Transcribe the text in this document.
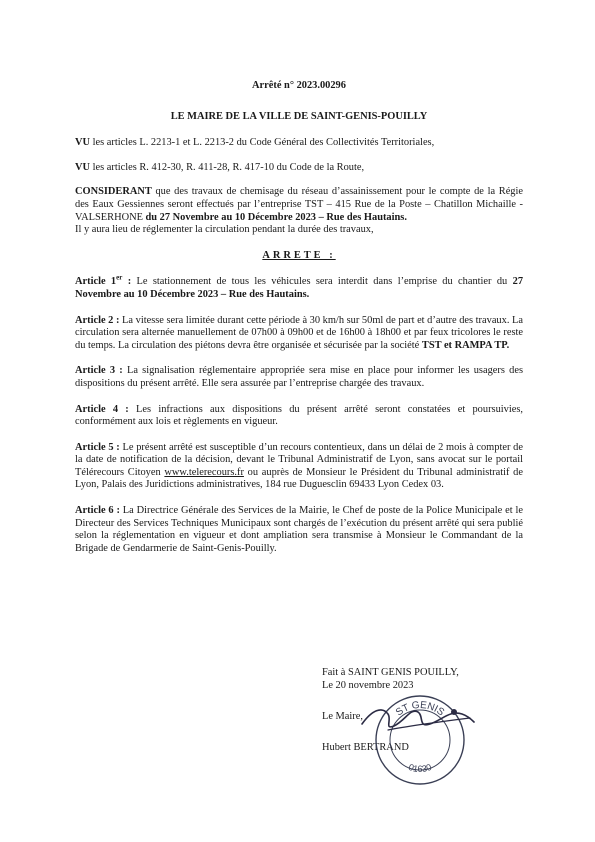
Arrêté n° 2023.00296
LE MAIRE DE LA VILLE DE SAINT-GENIS-POUILLY

VU les articles L. 2213-1 et L. 2213-2 du Code Général des Collectivités Territoriales,

VU les articles R. 412-30, R. 411-28, R. 417-10 du Code de la Route,

CONSIDERANT que des travaux de chemisage du réseau d’assainissement pour le compte de la Régie des Eaux Gessiennes seront effectués par l’entreprise TST – 415 Rue de la Poste – Chatillon Michaille - VALSERHONE du 27 Novembre au 10 Décembre 2023 – Rue des Hautains.

Il y aura lieu de réglementer la circulation pendant la durée des travaux,

ARRETE :

Article 1er : Le stationnement de tous les véhicules sera interdit dans l’emprise du chantier du 27 Novembre au 10 Décembre 2023 – Rue des Hautains.

Article 2 : La vitesse sera limitée durant cette période à 30 km/h sur 50ml de part et d’autre des travaux. La circulation sera alternée manuellement de 07h00 à 09h00 et de 16h00 à 18h00 et par feux tricolores le reste du temps. La circulation des piétons devra être organisée et sécurisée par la société TST et RAMPA TP.

Article 3 : La signalisation réglementaire appropriée sera mise en place pour informer les usagers des dispositions du présent arrêté. Elle sera assurée par l’entreprise chargée des travaux.

Article 4 : Les infractions aux dispositions du présent arrêté seront constatées et poursuivies, conformément aux lois et règlements en vigueur.

Article 5 : Le présent arrêté est susceptible d’un recours contentieux, dans un délai de 2 mois à compter de la date de notification de la décision, devant le Tribunal Administratif de Lyon, sans avocat sur le portail Télérecours Citoyen www.telerecours.fr ou auprès de Monsieur le Président du Tribunal administratif de Lyon, Palais des Juridictions administratives, 184 rue Duguesclin 69433 Lyon Cedex 03.

Article 6 : La Directrice Générale des Services de la Mairie, le Chef de poste de la Police Municipale et le Directeur des Services Techniques Municipaux sont chargés de l’exécution du présent arrêté qui sera publié selon la réglementation en vigueur et dont ampliation sera transmise à Monsieur le Commandant de la Brigade de Gendarmerie de Saint-Genis-Pouilly.

Fait à SAINT GENIS POUILLY,
Le 20 novembre 2023
Le Maire,
Hubert BERTRAND
ST GENIS
01630
